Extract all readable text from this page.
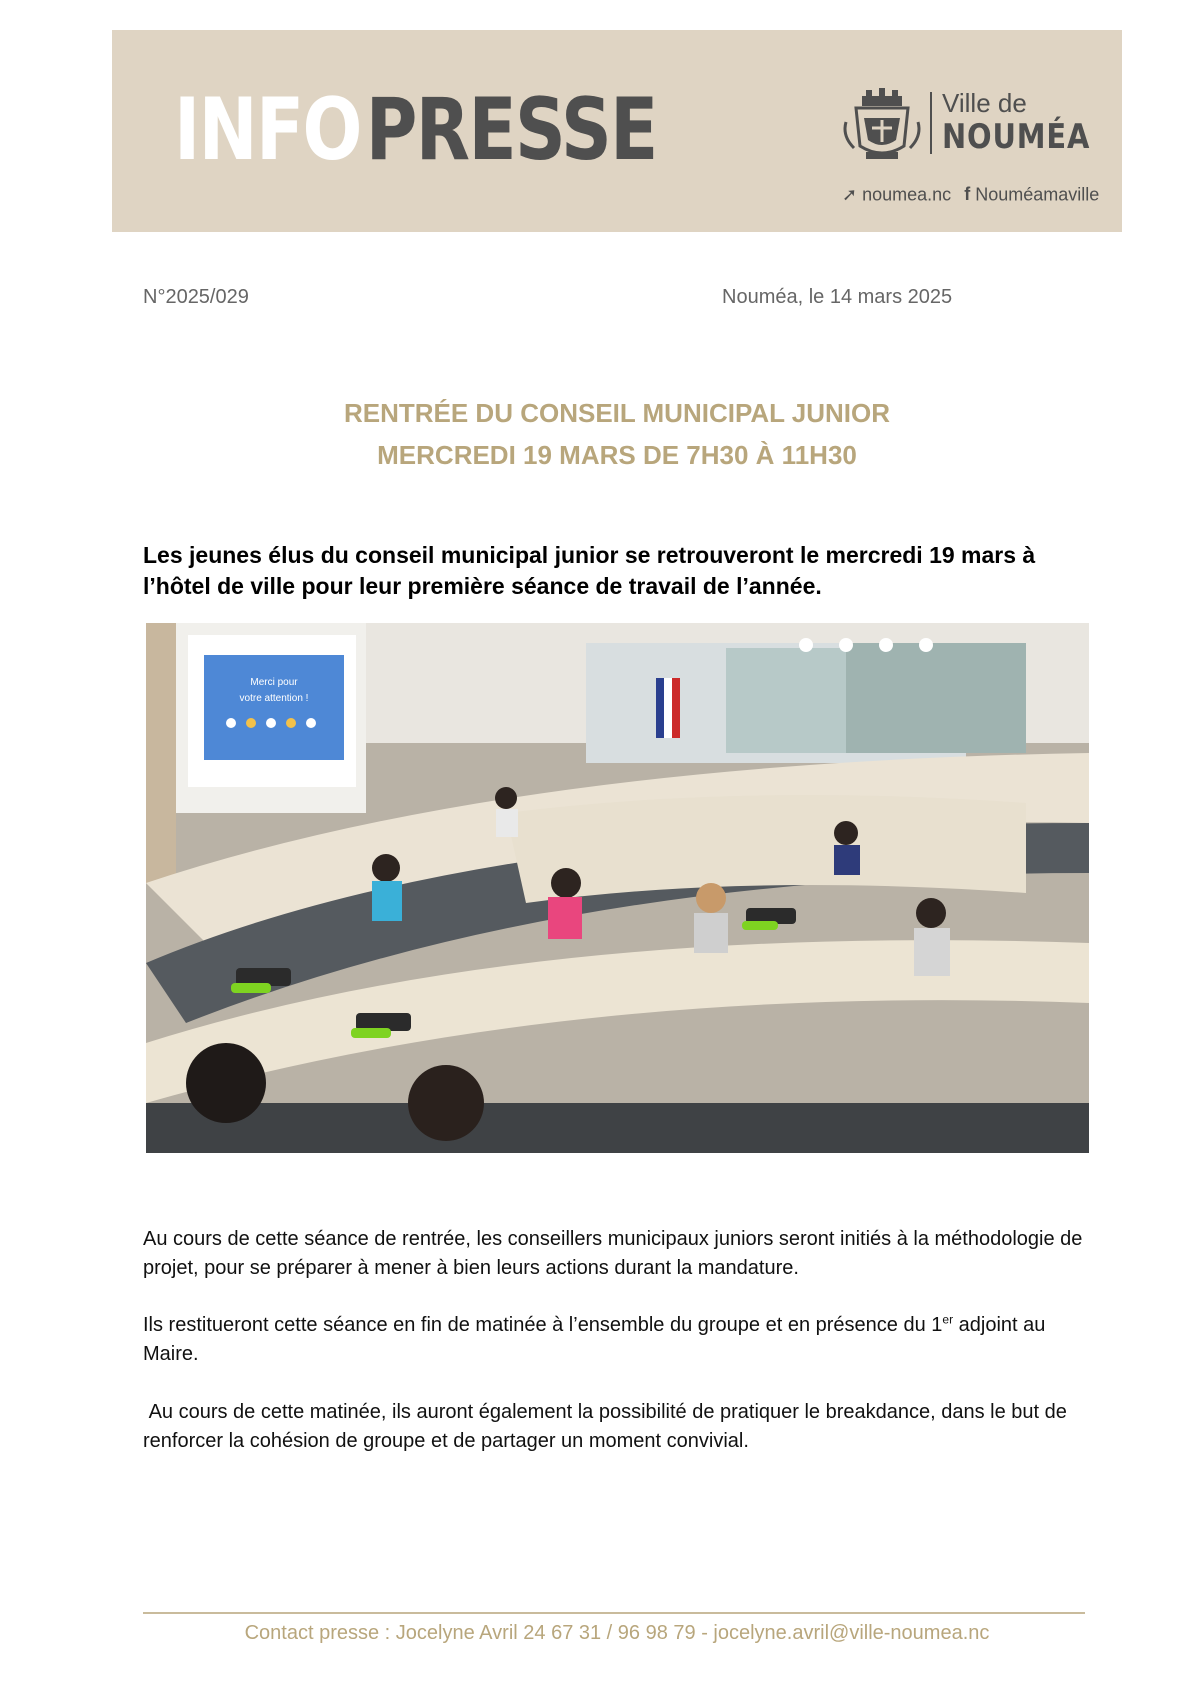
INFOPRESSE	Ville de
NOUMÉA
➚ noumea.nc f Nouméamaville
N°2025/029	Nouméa, le 14 mars 2025
RENTRÉE DU CONSEIL MUNICIPAL JUNIOR
MERCREDI 19 MARS DE 7H30 À 11H30
Les jeunes élus du conseil municipal junior se retrouveront le mercredi 19 mars à l’hôtel de ville pour leur première séance de travail de l’année.
Merci pour
votre attention !
Au cours de cette séance de rentrée, les conseillers municipaux juniors seront initiés à la méthodologie de projet, pour se préparer à mener à bien leurs actions durant la mandature.
Ils restitueront cette séance en fin de matinée à l’ensemble du groupe et en présence du 1er adjoint au Maire.
Au cours de cette matinée, ils auront également la possibilité de pratiquer le breakdance, dans le but de renforcer la cohésion de groupe et de partager un moment convivial.
Contact presse : Jocelyne Avril 24 67 31 / 96 98 79 - jocelyne.avril@ville-noumea.nc
